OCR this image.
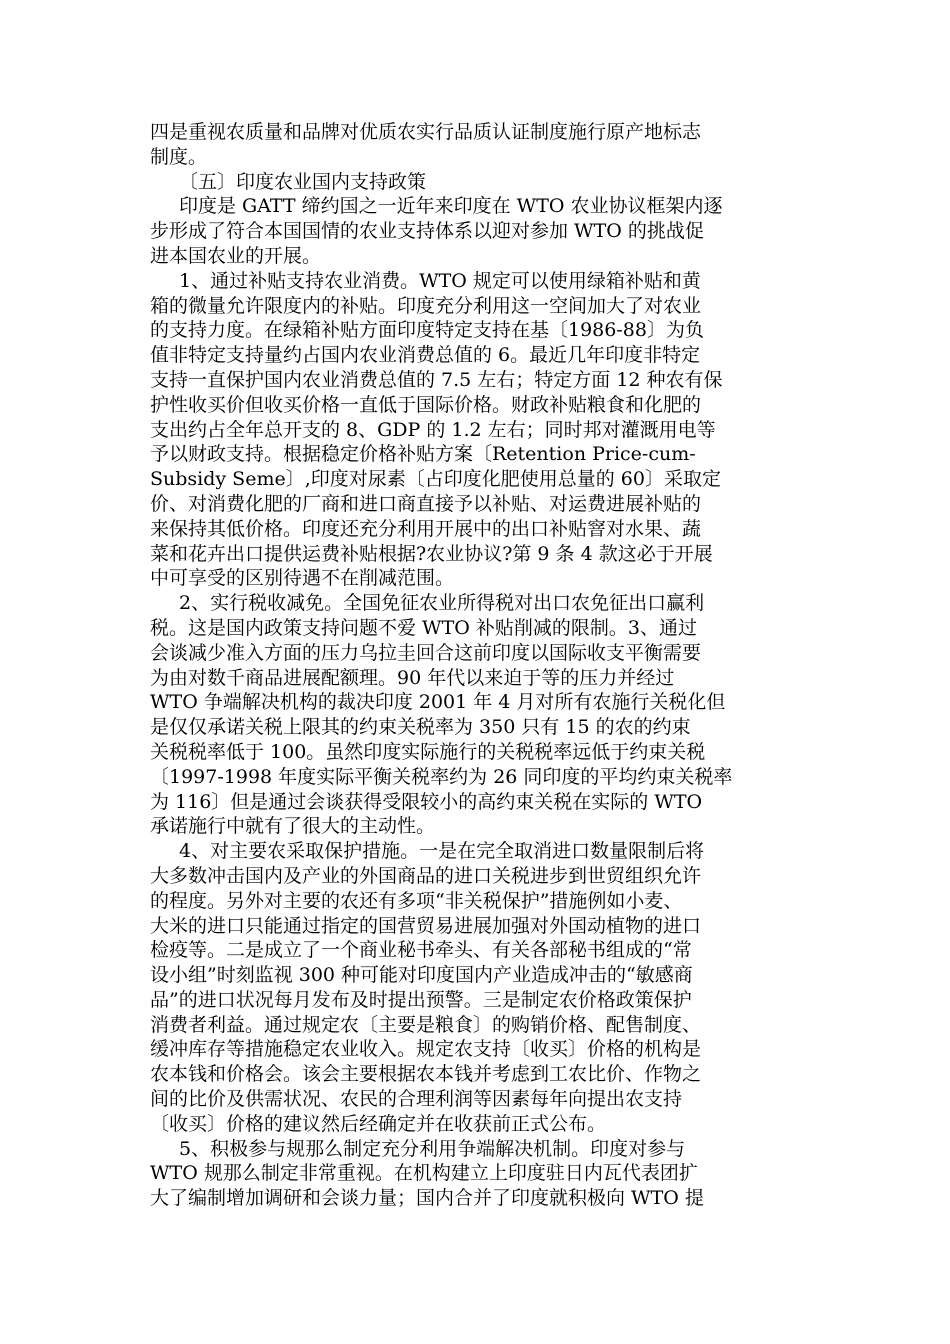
四是重视农质量和品牌对优质农实行品质认证制度施行原产地标志
制度。
〔五〕印度农业国内支持政策
印度是 GATT 缔约国之一近年来印度在 WTO 农业协议框架内逐
步形成了符合本国国情的农业支持体系以迎对参加 WTO 的挑战促
进本国农业的开展。
1、通过补贴支持农业消费。WTO 规定可以使用绿箱补贴和黄
箱的微量允许限度内的补贴。印度充分利用这一空间加大了对农业
的支持力度。在绿箱补贴方面印度特定支持在基〔1986-88〕为负
值非特定支持量约占国内农业消费总值的 6。最近几年印度非特定
支持一直保护国内农业消费总值的 7.5 左右；特定方面 12 种农有保
护性收买价但收买价格一直低于国际价格。财政补贴粮食和化肥的
支出约占全年总开支的 8、GDP 的 1.2 左右；同时邦对灌溉用电等
予以财政支持。根据稳定价格补贴方案〔Retention Price-cum-
Subsidy Seme〕,印度对尿素〔占印度化肥使用总量的 60〕采取定
价、对消费化肥的厂商和进口商直接予以补贴、对运费进展补贴的
来保持其低价格。印度还充分利用开展中的出口补贴窨对水果、蔬
菜和花卉出口提供运费补贴根据?农业协议?第 9 条 4 款这必于开展
中可享受的区别待遇不在削减范围。
2、实行税收减免。全国免征农业所得税对出口农免征出口赢利
税。这是国内政策支持问题不爱 WTO 补贴削减的限制。3、通过
会谈减少准入方面的压力乌拉圭回合这前印度以国际收支平衡需要
为由对数千商品进展配额理。90 年代以来迫于等的压力并经过
WTO 争端解决机构的裁决印度 2001 年 4 月对所有农施行关税化但
是仅仅承诺关税上限其的约束关税率为 350 只有 15 的农的约束
关税税率低于 100。虽然印度实际施行的关税税率远低于约束关税
〔1997-1998 年度实际平衡关税率约为 26 同印度的平均约束关税率
为 116〕但是通过会谈获得受限较小的高约束关税在实际的 WTO
承诺施行中就有了很大的主动性。
4、对主要农采取保护措施。一是在完全取消进口数量限制后将
大多数冲击国内及产业的外国商品的进口关税进步到世贸组织允许
的程度。另外对主要的农还有多项“非关税保护”措施例如小麦、
大米的进口只能通过指定的国营贸易进展加强对外国动植物的进口
检疫等。二是成立了一个商业秘书牵头、有关各部秘书组成的“常
设小组”时刻监视 300 种可能对印度国内产业造成冲击的“敏感商
品”的进口状况每月发布及时提出预警。三是制定农价格政策保护
消费者利益。通过规定农〔主要是粮食〕的购销价格、配售制度、
缓冲库存等措施稳定农业收入。规定农支持〔收买〕价格的机构是
农本钱和价格会。该会主要根据农本钱并考虑到工农比价、作物之
间的比价及供需状况、农民的合理利润等因素每年向提出农支持
〔收买〕价格的建议然后经确定并在收获前正式公布。
5、积极参与规那么制定充分利用争端解决机制。印度对参与
WTO 规那么制定非常重视。在机构建立上印度驻日内瓦代表团扩
大了编制增加调研和会谈力量；国内合并了印度就积极向 WTO 提
